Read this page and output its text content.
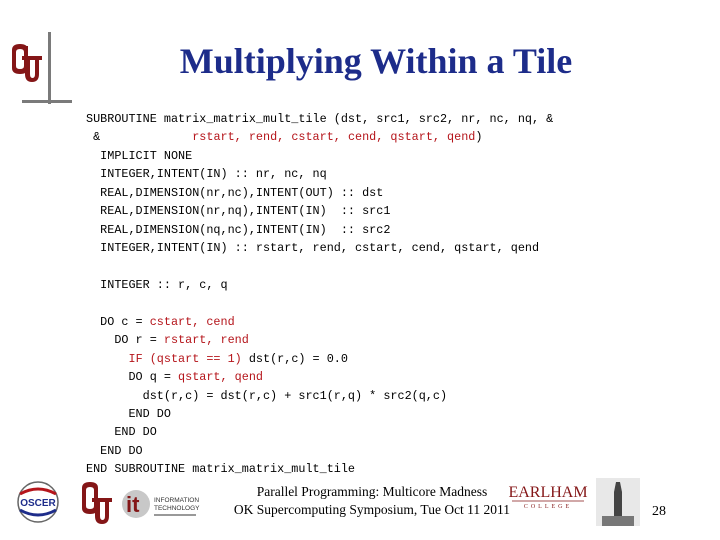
Multiplying Within a Tile
SUBROUTINE matrix_matrix_mult_tile (dst, src1, src2, nr, nc, nq, &
&             rstart, rend, cstart, cend, qstart, qend)
IMPLICIT NONE
INTEGER,INTENT(IN) :: nr, nc, nq
REAL,DIMENSION(nr,nc),INTENT(OUT) :: dst
REAL,DIMENSION(nr,nq),INTENT(IN)  :: src1
REAL,DIMENSION(nq,nc),INTENT(IN)  :: src2
INTEGER,INTENT(IN) :: rstart, rend, cstart, cend, qstart, qend
INTEGER :: r, c, q
DO c = cstart, cend
DO r = rstart, rend
IF (qstart == 1) dst(r,c) = 0.0
DO q = qstart, qend
dst(r,c) = dst(r,c) + src1(r,q) * src2(q,c)
END DO
END DO
END DO
END SUBROUTINE matrix_matrix_mult_tile
OSCER	it INFORMATION
TECHNOLOGY
Parallel Programming: Multicore Madness
OK Supercomputing Symposium, Tue Oct 11 2011
EARLHAM
COLLEGE	28
